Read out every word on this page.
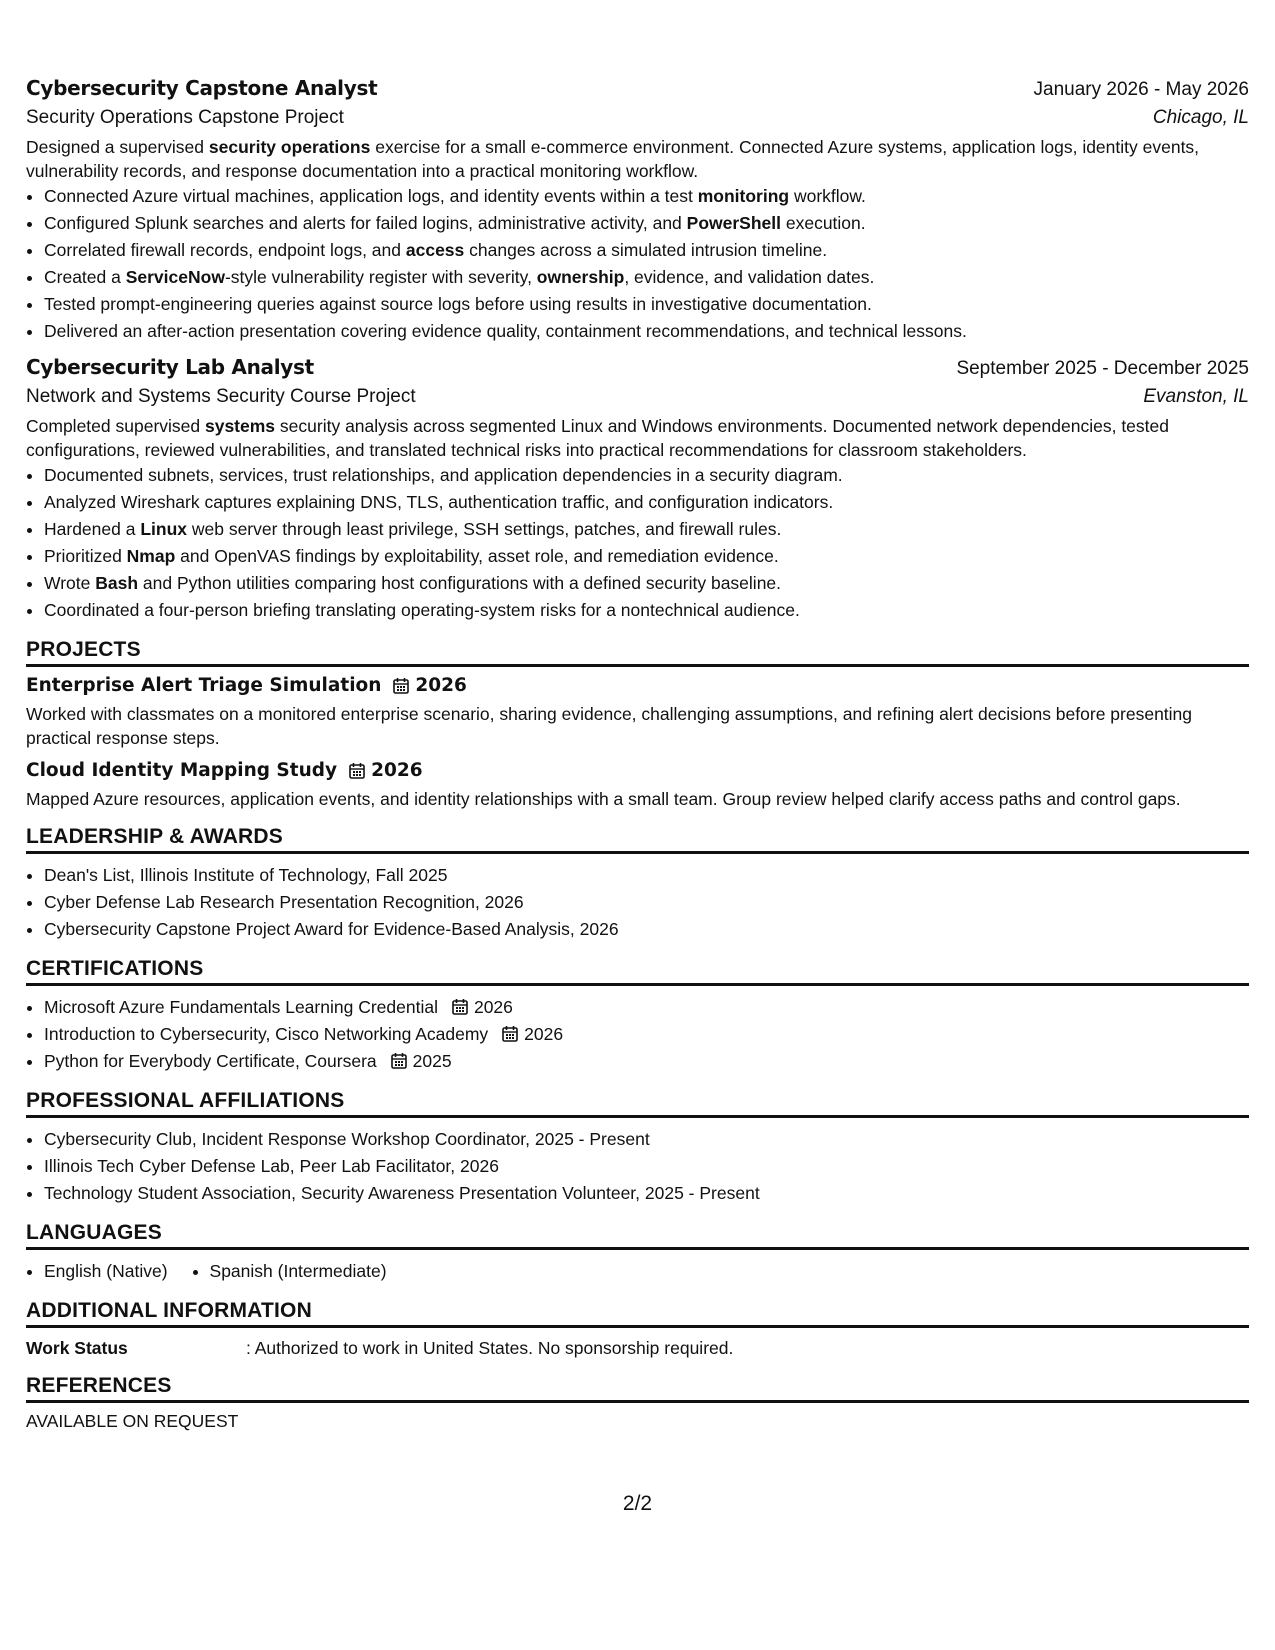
Cybersecurity Capstone Analyst	January 2026 - May 2026
Security Operations Capstone Project	Chicago, IL
Designed a supervised security operations exercise for a small e-commerce environment. Connected Azure systems, application logs, identity events, vulnerability records, and response documentation into a practical monitoring workflow.
• Connected Azure virtual machines, application logs, and identity events within a test monitoring workflow.
• Configured Splunk searches and alerts for failed logins, administrative activity, and PowerShell execution.
• Correlated firewall records, endpoint logs, and access changes across a simulated intrusion timeline.
• Created a ServiceNow-style vulnerability register with severity, ownership, evidence, and validation dates.
• Tested prompt-engineering queries against source logs before using results in investigative documentation.
• Delivered an after-action presentation covering evidence quality, containment recommendations, and technical lessons.
Cybersecurity Lab Analyst	September 2025 - December 2025
Network and Systems Security Course Project	Evanston, IL
Completed supervised systems security analysis across segmented Linux and Windows environments. Documented network dependencies, tested configurations, reviewed vulnerabilities, and translated technical risks into practical recommendations for classroom stakeholders.
• Documented subnets, services, trust relationships, and application dependencies in a security diagram.
• Analyzed Wireshark captures explaining DNS, TLS, authentication traffic, and configuration indicators.
• Hardened a Linux web server through least privilege, SSH settings, patches, and firewall rules.
• Prioritized Nmap and OpenVAS findings by exploitability, asset role, and remediation evidence.
• Wrote Bash and Python utilities comparing host configurations with a defined security baseline.
• Coordinated a four-person briefing translating operating-system risks for a nontechnical audience.
PROJECTS
Enterprise Alert Triage Simulation 2026
Worked with classmates on a monitored enterprise scenario, sharing evidence, challenging assumptions, and refining alert decisions before presenting practical response steps.
Cloud Identity Mapping Study 2026
Mapped Azure resources, application events, and identity relationships with a small team. Group review helped clarify access paths and control gaps.
LEADERSHIP & AWARDS
• Dean's List, Illinois Institute of Technology, Fall 2025
• Cyber Defense Lab Research Presentation Recognition, 2026
• Cybersecurity Capstone Project Award for Evidence-Based Analysis, 2026
CERTIFICATIONS
• Microsoft Azure Fundamentals Learning Credential 2026
• Introduction to Cybersecurity, Cisco Networking Academy 2026
• Python for Everybody Certificate, Coursera 2025
PROFESSIONAL AFFILIATIONS
• Cybersecurity Club, Incident Response Workshop Coordinator, 2025 - Present
• Illinois Tech Cyber Defense Lab, Peer Lab Facilitator, 2026
• Technology Student Association, Security Awareness Presentation Volunteer, 2025 - Present
LANGUAGES
• English (Native)
• Spanish (Intermediate)
ADDITIONAL INFORMATION
Work Status	: Authorized to work in United States. No sponsorship required.
REFERENCES
AVAILABLE ON REQUEST
2/2
